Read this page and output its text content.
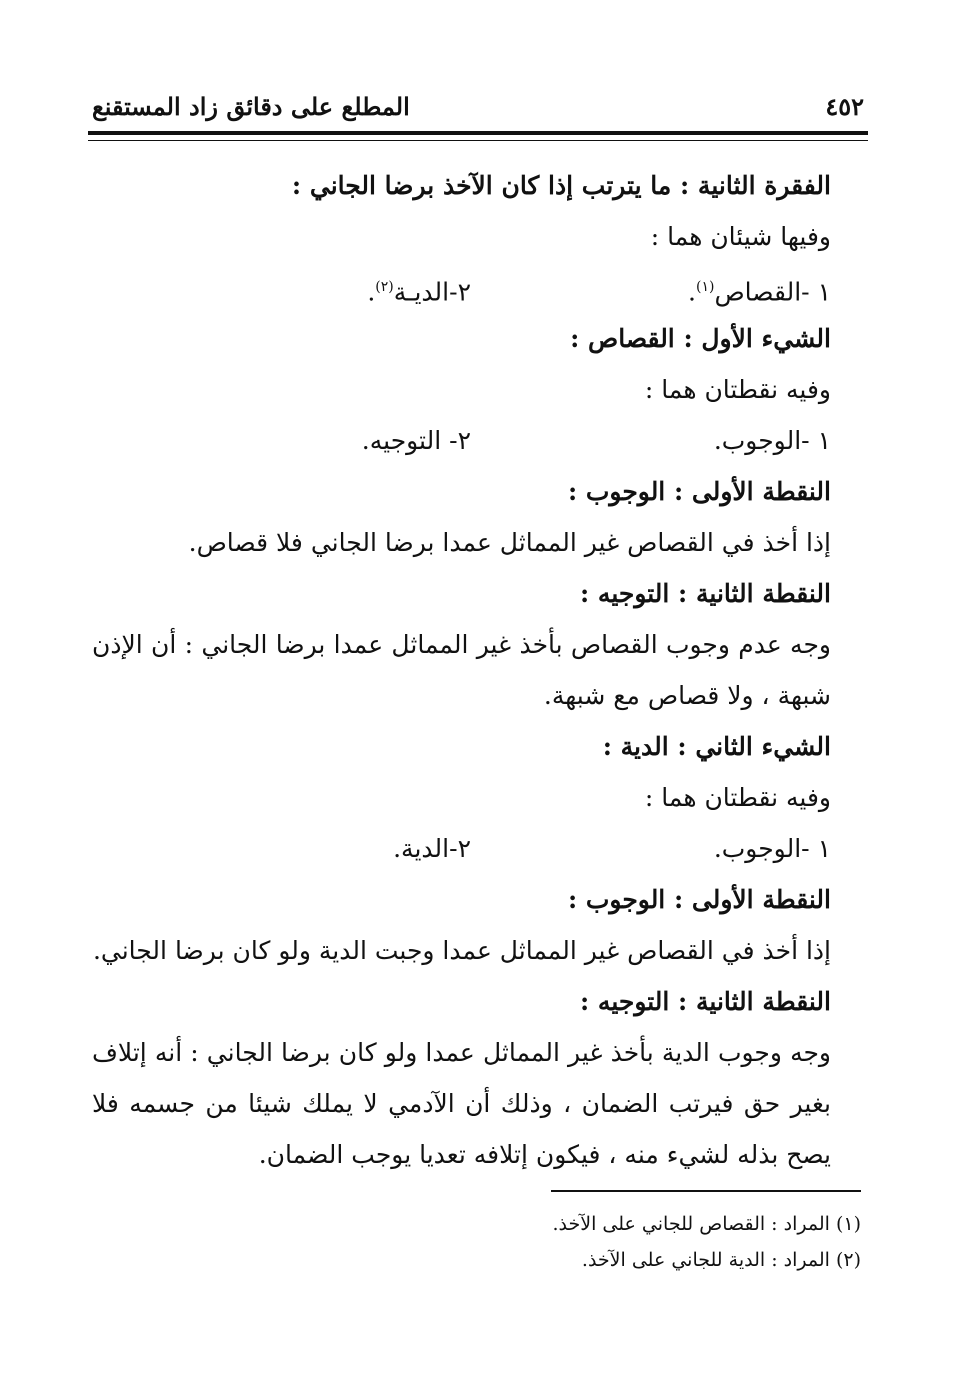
٤٥٢
المطلع على دقائق زاد المستقنع
الفقرة الثانية : ما يترتب إذا كان الآخذ برضا الجاني :
وفيها شيئان هما :
١ -القصاص$^{(١)}$.
٢-الديـة$^{(٢)}$.
الشيء الأول : القصاص :
وفيه نقطتان هما :
١ -الوجوب.
٢- التوجيه.
النقطة الأولى : الوجوب :
إذا أخذ في القصاص غير المماثل عمدا برضا الجاني فلا قصاص.
النقطة الثانية : التوجيه :
وجه عدم وجوب القصاص بأخذ غير المماثل عمدا برضا الجاني : أن الإذن شبهة ، ولا قصاص مع شبهة.
الشيء الثاني : الدية :
وفيه نقطتان هما :
١ -الوجوب.
٢-الدية.
النقطة الأولى : الوجوب :
إذا أخذ في القصاص غير المماثل عمدا وجبت الدية ولو كان برضا الجاني.
النقطة الثانية : التوجيه :
وجه وجوب الدية بأخذ غير المماثل عمدا ولو كان برضا الجاني : أنه إتلاف بغير حق فيرتب الضمان ، وذلك أن الآدمي لا يملك شيئا من جسمه فلا يصح بذله لشيء منه ، فيكون إتلافه تعديا يوجب الضمان.
(١) المراد : القصاص للجاني على الآخذ.
(٢) المراد : الدية للجاني على الآخذ.
